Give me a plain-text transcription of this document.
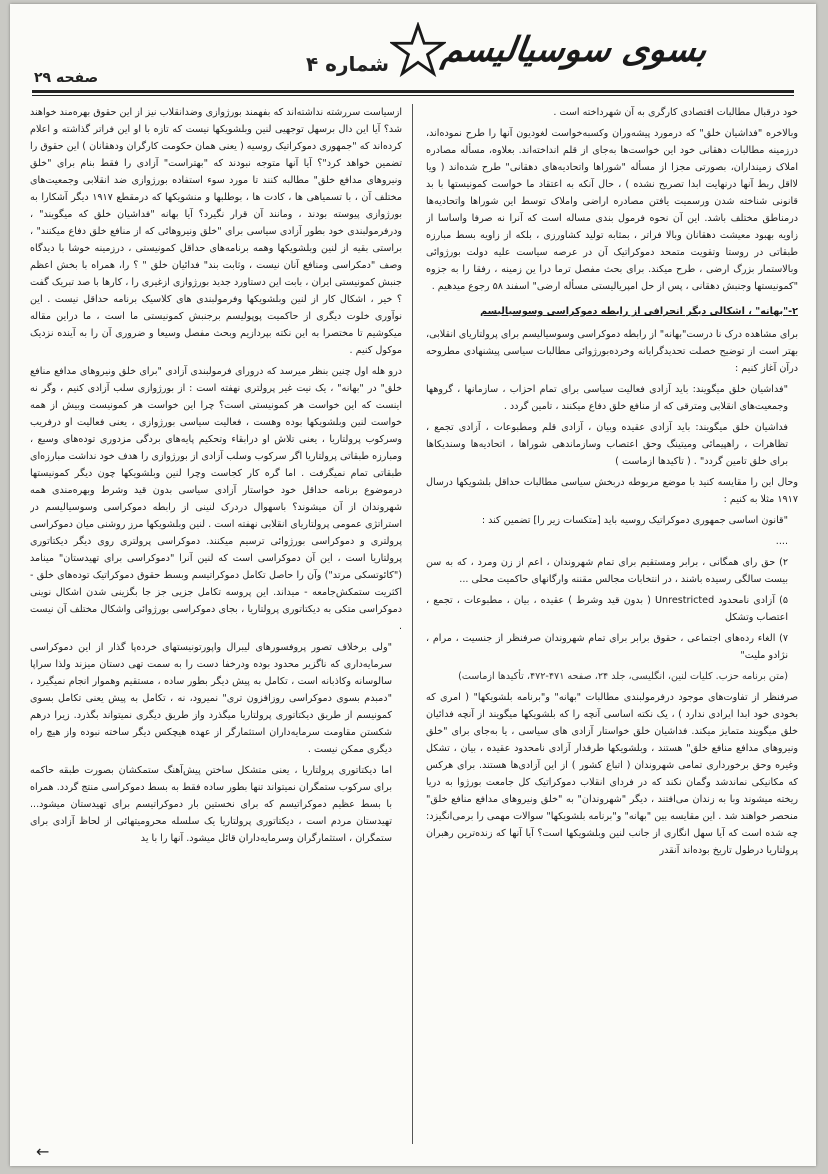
بسوی سوسیالیسم
شماره ۴
صفحه ۲۹

خود درقبال مطالبات اقتصادی کارگری به آن شهرداخته است .

وبالاخره "فداشیان خلق" که درمورد پیشه‌وران وکسبه‌خواست لغودیون آنها را طرح نموده‌اند، درزمینه مطالبات دهقانی خود این خواست‌ها به‌جای از قلم انداخته‌اند. بعلاوه، مسأله مصادره املاک زمینداران، بصورتی مجزا از مسأله "شوراها واتحادیه‌های دهقانی" طرح شده‌اند ( ویا لااقل ربط آنها درنهایت ابدا تصریح نشده ) ، حال آنکه به اعتقاد ما خواست کمونیستها با بد قانونی شناخته شدن ورسمیت یافتن مصادره اراضی واملاک توسط این شوراها واتحادیه‌ها درمناطق مختلف باشد. این آن نحوه فرمول بندی مساله است که آنرا نه صرفا واساسا از زاویه بهبود معیشت دهقانان وبالا فراتر ، بمثابه تولید کشاورزی ، بلکه از زاویه بسط مبارزه طبقاتی در روستا وتقویت متمحد دموکراتیک آن در عرصه سیاست علیه دولت بورژوائی وبالاستمار بزرگ ارضی ، طرح میکند. برای بحث مفصل ترما درا ین زمینه ، رفقا را به جزوه "کمونیستها وجنبش دهقانی ، پس از حل امپریالیستی مسأله ارضی" اسفند ۵۸ رجوع میدهیم .

۲-"بهانه" ، اشکالی دیگر انحرافی از رابطه دموکراسی وسوسیالیسم

برای مشاهده درک نا درست"بهانه" از رابطه دموکراسی وسوسیالیسم برای پرولتاریای انقلابی، بهتر است از توضیح خصلت تحدیدگرایانه وخرده‌بورژوائی مطالبات سیاسی پیشنهادی مطروحه درآن آغاز کنیم :

"فداشیان خلق میگویند: باید آزادی فعالیت سیاسی برای تمام احزاب ، سازمانها ، گروهها وجمعیت‌های انقلابی ومترقی که از منافع خلق دفاع میکنند ، تامین گردد .

فداشیان خلق میگویند: باید آزادی عقیده وبیان ، آزادی قلم ومطبوعات ، آزادی تجمع ، تظاهرات ، راهپیمائی ومیتینگ وحق اعتصاب وسازماندهی شوراها ، اتحادیه‌ها وسندیکا‌ها برای خلق تامین گردد" . ( تاکیدها ازماست )

وحال این را مقایسه کنید با موضع مربوطه دربخش سیاسی مطالبات حداقل بلشویکها درسال ۱۹۱۷ مثلا به کنیم :

"قانون اساسی جمهوری دموکراتیک روسیه باید [متکسات زیر را] تضمین کند :

....

۲) حق رای همگانی ، برابر ومستقیم برای تمام شهروندان ، اعم از زن ومرد ، که به سن بیست سالگی رسیده باشند ، در انتخابات مجالس مقننه وارگانهای حاکمیت محلی ...

۵) آزادی نامحدود Unrestricted ( بدون قید وشرط ) عقیده ، بیان ، مطبوعات ، تجمع ، اعتصاب وتشکل

۷) الغاء رده‌های اجتماعی ، حقوق برابر برای تمام شهروندان صرفنظر از جنسیت ، مرام ، نژادو ملیت"

(متن برنامه حزب. کلیات لنین، انگلیسی، جلد ۲۴، صفحه ۴۷۱-۴۷۲، تأکیدها ازماست)

صرفنظر از تفاوت‌های موجود درفرمولبندی مطالبات "بهانه" و"برنامه بلشویکها" ( امری که بخودی خود ابدا ایرادی ندارد ) ، یک نکته اساسی آنچه را که بلشویکها میگویند از آنچه فدائیان خلق میگویند متمایز میکند. فداشیان خلق خواستار آزادی های سیاسی ، یا به‌جای برای "خلق ونیروهای مدافع منافع خلق" هستند ، وبلشویکها طرفدار آزادی نامحدود عقیده ، بیان ، تشکل وغیره وحق برخورداری تمامی شهروندان ( اتباع کشور ) از این آزادی‌ها هستند. برای هرکس که مکانیکی نماندشد وگمان نکند که در فردای انقلاب دموکراتیک کل جامعت بورژوا به دریا ریخته میشوند وبا به زندان می‌افتند ، دیگر "شهروندان" به "خلق ونیروهای مدافع منافع خلق" منحصر خواهند شد . این مقایسه بین "بهانه" و"برنامه بلشویکها" سوالات مهمی را برمی‌انگیزد: چه شده است که آیا سهل انگاری از جانب لنین وبلشویکها است؟ آیا آنها که زنده‌ترین رهبران پرولتاریا درطول تاریخ بوده‌اند آنقدر

ازسیاست سررشته نداشته‌اند که بفهمند بورژوازی وضدانقلاب نیز از این حقوق بهره‌مند خواهند شد؟ آیا این دال برسهل توجهیی لنین وبلشویکها نیست که تازه با او این فراتر گذاشته و اعلام کرده‌اند که "جمهوری دموکراتیک روسیه ( یعنی همان حکومت کارگران ودهقانان ) این حقوق را تضمین خواهد کرد"؟ آیا آنها متوجه نبودند که "بهتراست" آزادی را فقط بنام برای "خلق ونیروهای مدافع خلق" مطالبه کنند تا مورد سوء استفاده بورژوازی ضد انقلابی وجمعیت‌های مختلف آن ، با تسمیاهی ها ، کادت ها ، بوطلبها و منشویکها که درمقطع ۱۹۱۷ دیگر آشکارا به بورژوازی پیوسته بودند ، ومانند آن قرار نگیرد؟ آیا بهانه "فداشیان خلق که میگویند" ، ودرفرمولبندی خود بطور آزادی سیاسی برای "خلق ونیروهائی که از منافع خلق دفاع میکنند" ، براستی بقیه از لنین وبلشویکها وهمه برنامه‌های حداقل کمونیستی ، درزمینه خوشا با دیدگاه وصف "دمکراسی ومنافع آنان نیست ، وثابت بند" فدائیان خلق " ؟ را، همراه با بخش اعظم جنبش کمونیستی ایران ، بابت این دستاورد جدید بورژوازی ازغیری را ، کارها با صد تبریک گفت ؟ خیر ، اشکال کار از لنین وبلشویکها وفرمولبندی های کلاسیک برنامه حداقل نیست . این نوآوری خلوت دیگری از حاکمیت پوپولیسم برجنبش کمونیستی ما است ، ما دراین مقاله میکوشیم تا مختصرا به این نکته بپردازیم وبحث مفصل وسیعا و ضروری آن را به آینده نزدیک موکول کنیم .

درو هله اول چنین بنظر میرسد که درورای فرمولبندی آزادی "برای خلق ونیروهای مدافع منافع خلق" در "بهانه" ، یک نیت غیر پرولتری نهفته است : از بورژوازی سلب آزادی کنیم ، وگر نه اینست که این خواست هر کمونیستی است؟ چرا این خواست هر کمونیست وبیش از همه خواست لنین وبلشویکها بوده وهست ، فعالیت سیاسی بورژوازی ، یعنی فعالیت او درفریب وسرکوب پرولتاریا ، یعنی تلاش او درابقاء وتحکیم پایه‌های بردگی مزدوری توده‌های وسیع ، ومبارزه طبقاتی پرولتاریا اگر سرکوب وسلب آزادی از بورژوازی را هدف خود نداشت مبارزه‌ای طبقاتی تمام نمیگرفت . اما گره کار کجاست وچرا لنین وبلشویکها چون دیگر کمونیستها درموضوع برنامه حداقل خود خواستار آزادی سیاسی بدون قید وشرط وبهره‌مندی همه شهروندان از آن میشوند؟ باسهوال دردرک لنینی از رابطه دموکراسی وسوسیالیسم در استراتژی عمومی پرولتاریای انقلابی نهفته است . لنین وبلشویکها مرز روشنی میان دموکراسی پرولتری و دموکراسی بورژوائی ترسیم میکنند. دموکراسی پرولتری روی دیگر دیکتاتوری پرولتاریا است ، این آن دموکراسی است که لنین آنرا "دموکراسی برای تهیدستان" مینامد ("کائوتسکی مرتد") وآن را حاصل تکامل دموکراتیسم وبسط حقوق دموکراتیک توده‌های خلق - اکثریت ستمکش‌جامعه - میداند. این پروسه تکامل جزیی جز جا بگزینی شدن اشکال نوینی دموکراسی متکی به دیکتاتوری پرولتاریا ، بجای دموکراسی بورژوائی واشکال مختلف آن نیست .

"ولی برخلاف تصور پروفسورهای لیبرال واپورتونیستهای خرده‌پا گذار از این دموکراسی سرمایه‌داری که ناگزیر محدود بوده ودرخفا دست را به سمت تهی دستان میزند ولذا سراپا سالوسانه وکاذبانه است ، تکامل به پیش دیگر بطور ساده ، مستقیم وهموار انجام نمیگیرد ، "دمبدم بسوی دموکراسی روزافزون تری" نمیرود، نه ، تکامل به پیش یعنی تکامل بسوی کمونیسم از طریق دیکتاتوری پرولتاریا میگذرد واز طریق دیگری نمیتواند بگذرد. زیرا درهم شکستن مقاومت سرمایه‌داران استثمارگر از عهده هیچکس دیگر ساخته نبوده واز هیچ راه دیگری ممکن نیست .

اما دیکتاتوری پرولتاریا ، یعنی متشکل ساختن پیش‌آهنگ ستمکشان بصورت طبقه حاکمه برای سرکوب ستمگران نمیتواند تنها بطور ساده فقط به بسط دموکراسی منتج گردد. همراه با بسط عظیم دموکراتیسم که برای نخستین بار دموکراتیسم برای تهیدستان میشود... تهیدستان مردم است ، دیکتاتوری پرولتاریا یک سلسله محرومیتهائی از لحاظ آزادی برای ستمگران ، استثمارگران وسرمایه‌داران قائل میشود. آنها را با ید

←
